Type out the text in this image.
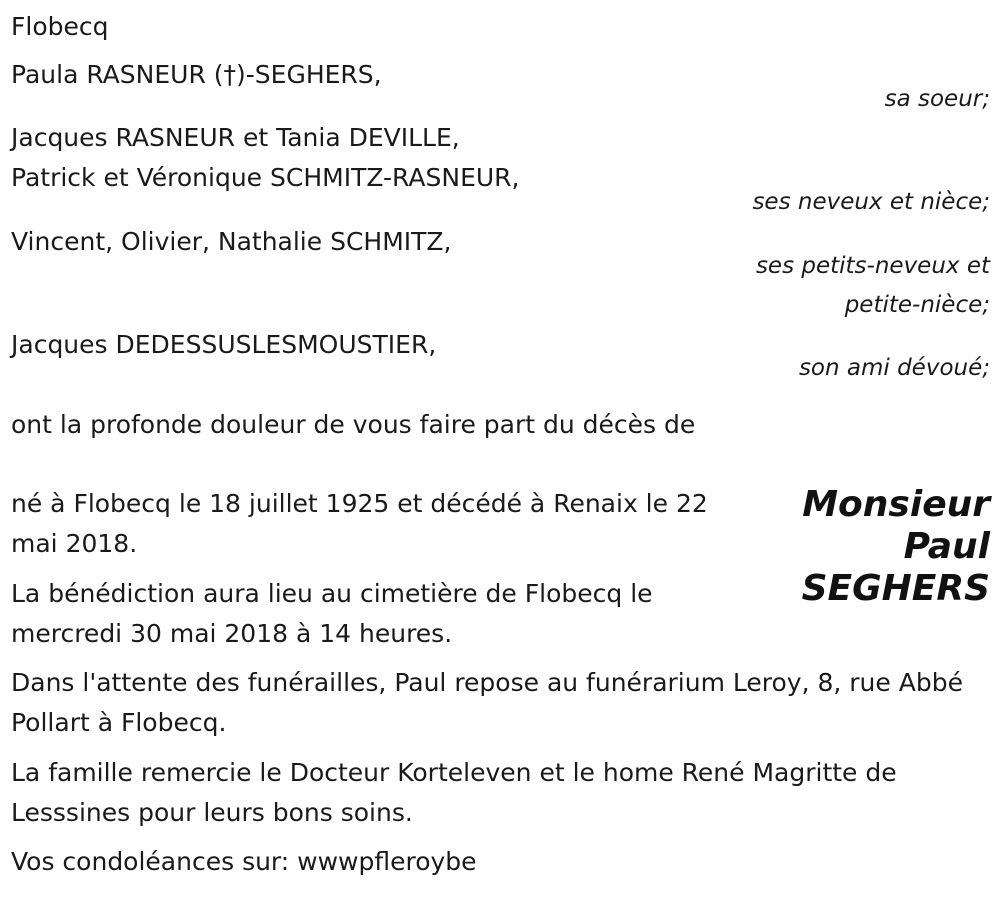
Flobecq
Paula RASNEUR (†)-SEGHERS,
sa soeur;
Jacques RASNEUR et Tania DEVILLE,
Patrick et Véronique SCHMITZ-RASNEUR,
ses neveux et nièce;
Vincent, Olivier, Nathalie SCHMITZ,
ses petits-neveux et
petite-nièce;
Jacques DEDESSUSLESMOUSTIER,
son ami dévoué;
ont la profonde douleur de vous faire part du décès de
Monsieur
Paul
SEGHERS
né à Flobecq le 18 juillet 1925 et décédé à Renaix le 22 mai 2018.
La bénédiction aura lieu au cimetière de Flobecq le mercredi 30 mai 2018 à 14 heures.
Dans l'attente des funérailles, Paul repose au funérarium Leroy, 8, rue Abbé Pollart à Flobecq.
La famille remercie le Docteur Korteleven et le home René Magritte de Lesssines pour leurs bons soins.
Vos condoléances sur: wwwpfleroybe
